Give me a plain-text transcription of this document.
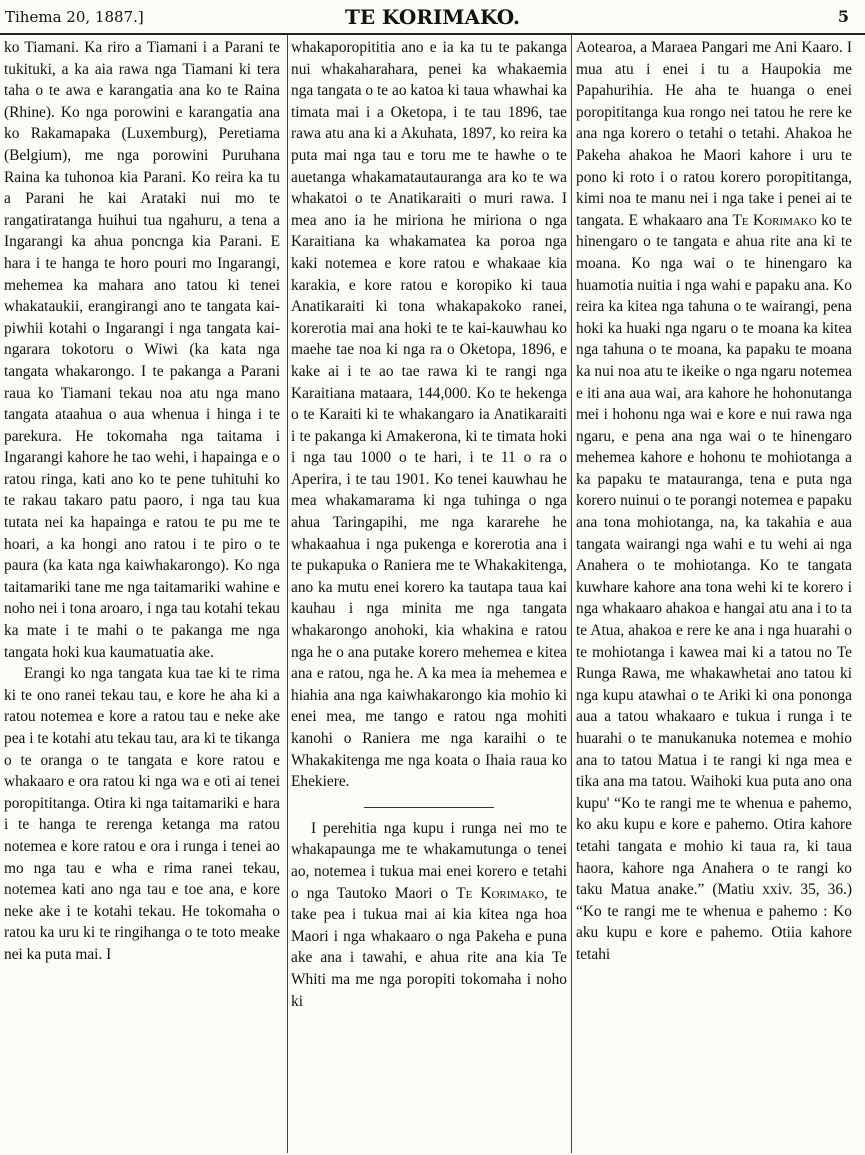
Tihema 20, 1887.]	TE KORIMAKO.	5

ko Tiamani. Ka riro a Tiamani i a Parani te tukituki, a ka aia rawa nga Tiamani ki tera taha o te awa e karangatia ana ko te Raina (Rhine). Ko nga porowini e karangatia ana ko Rakamapaka (Luxemburg), Peretiama (Belgium), me nga porowini Puruhana Raina ka tuhonoa kia Parani. Ko reira ka tu a Parani he kai Arataki nui mo te rangatiratanga huihui tua ngahuru, a tena a Ingarangi ka ahua poncnga kia Parani. E hara i te hanga te horo pouri mo Ingarangi, mehemea ka mahara ano tatou ki tenei whakataukii, erangirangi ano te tangata kai-piwhii kotahi o Ingarangi i nga tangata kai-ngarara tokotoru o Wiwi (ka kata nga tangata whakarongo. I te pakanga a Parani raua ko Tiamani tekau noa atu nga mano tangata ataahua o aua whenua i hinga i te parekura. He tokomaha nga taitama i Ingarangi kahore he tao wehi, i hapainga e o ratou ringa, kati ano ko te pene tuhituhi ko te rakau takaro patu paoro, i nga tau kua tutata nei ka hapainga e ratou te pu me te hoari, a ka hongi ano ratou i te piro o te paura (ka kata nga kaiwhakarongo). Ko nga taitamariki tane me nga taitamariki wahine e noho nei i tona aroaro, i nga tau kotahi tekau ka mate i te mahi o te pakanga me nga tangata hoki kua kaumatuatia ake.

Erangi ko nga tangata kua tae ki te rima ki te ono ranei tekau tau, e kore he aha ki a ratou notemea e kore a ratou tau e neke ake pea i te kotahi atu tekau tau, ara ki te tikanga o te oranga o te tangata e kore ratou e whakaaro e ora ratou ki nga wa e oti ai tenei poropititanga. Otira ki nga taitamariki e hara i te hanga te rerenga ketanga ma ratou notemea e kore ratou e ora i runga i tenei ao mo nga tau e wha e rima ranei tekau, notemea kati ano nga tau e toe ana, e kore neke ake i te kotahi tekau. He tokomaha o ratou ka uru ki te ringihanga o te toto meake nei ka puta mai. I

whakaporopititia ano e ia ka tu te pakanga nui whakaharahara, penei ka whakaemia nga tangata o te ao katoa ki taua whawhai ka timata mai i a Oketopa, i te tau 1896, tae rawa atu ana ki a Akuhata, 1897, ko reira ka puta mai nga tau e toru me te hawhe o te auetanga whakamatautauranga ara ko te wa whakatoi o te Anatikaraiti o muri rawa. I mea ano ia he miriona he miriona o nga Karaitiana ka whakamatea ka poroa nga kaki notemea e kore ratou e whakaae kia karakia, e kore ratou e koropiko ki taua Anatikaraiti ki tona whakapakoko ranei, korerotia mai ana hoki te te kai-kauwhau ko maehe tae noa ki nga ra o Oketopa, 1896, e kake ai i te ao tae rawa ki te rangi nga Karaitiana mataara, 144,000. Ko te hekenga o te Karaiti ki te whakangaro ia Anatikaraiti i te pakanga ki Amakerona, ki te timata hoki i nga tau 1000 o te hari, i te 11 o ra o Aperira, i te tau 1901. Ko tenei kauwhau he mea whakamarama ki nga tuhinga o nga ahua Taringapihi, me nga kararehe he whakaahua i nga pukenga e korerotia ana i te pukapuka o Raniera me te Whakakitenga, ano ka mutu enei korero ka tautapa taua kai kauhau i nga minita me nga tangata whakarongo anohoki, kia whakina e ratou nga he o ana putake korero mehemea e kitea ana e ratou, nga he. A ka mea ia mehemea e hiahia ana nga kaiwhakarongo kia mohio ki enei mea, me tango e ratou nga mohiti kanohi o Raniera me nga karaihi o te Whakakitenga me nga koata o Ihaia raua ko Ehekiere.

I perehitia nga kupu i runga nei mo te whakapaunga me te whakamutunga o tenei ao, notemea i tukua mai enei korero e tetahi o nga Tautoko Maori o Te Korimako, te take pea i tukua mai ai kia kitea nga hoa Maori i nga whakaaro o nga Pakeha e puna ake ana i tawahi, e ahua rite ana kia Te Whiti ma me nga poropiti tokomaha i noho ki

Aotearoa, a Maraea Pangari me Ani Kaaro. I mua atu i enei i tu a Haupokia me Papahurihia. He aha te huanga o enei poropititanga kua rongo nei tatou he rere ke ana nga korero o tetahi o tetahi. Ahakoa he Pakeha ahakoa he Maori kahore i uru te pono ki roto i o ratou korero poropititanga, kimi noa te manu nei i nga take i penei ai te tangata. E whakaaro ana Te Korimako ko te hinengaro o te tangata e ahua rite ana ki te moana. Ko nga wai o te hinengaro ka huamotia nuitia i nga wahi e papaku ana. Ko reira ka kitea nga tahuna o te wairangi, pena hoki ka huaki nga ngaru o te moana ka kitea nga tahuna o te moana, ka papaku te moana ka nui noa atu te ikeike o nga ngaru notemea e iti ana aua wai, ara kahore he hohonutanga mei i hohonu nga wai e kore e nui rawa nga ngaru, e pena ana nga wai o te hinengaro mehemea kahore e hohonu te mohiotanga a ka papaku te matauranga, tena e puta nga korero nuinui o te porangi notemea e papaku ana tona mohiotanga, na, ka takahia e aua tangata wairangi nga wahi e tu wehi ai nga Anahera o te mohiotanga. Ko te tangata kuwhare kahore ana tona wehi ki te korero i nga whakaaro ahakoa e hangai atu ana i to ta te Atua, ahakoa e rere ke ana i nga huarahi o te mohiotanga i kawea mai ki a tatou no Te Runga Rawa, me whakawhetai ano tatou ki nga kupu atawhai o te Ariki ki ona pononga aua a tatou whakaaro e tukua i runga i te huarahi o te manukanuka notemea e mohio ana to tatou Matua i te rangi ki nga mea e tika ana ma tatou. Waihoki kua puta ano ona kupu' “Ko te rangi me te whenua e pahemo, ko aku kupu e kore e pahemo. Otira kahore tetahi tangata e mohio ki taua ra, ki taua haora, kahore nga Anahera o te rangi ko taku Matua anake.” (Matiu xxiv. 35, 36.) “Ko te rangi me te whenua e pahemo : Ko aku kupu e kore e pahemo. Otiia kahore tetahi
